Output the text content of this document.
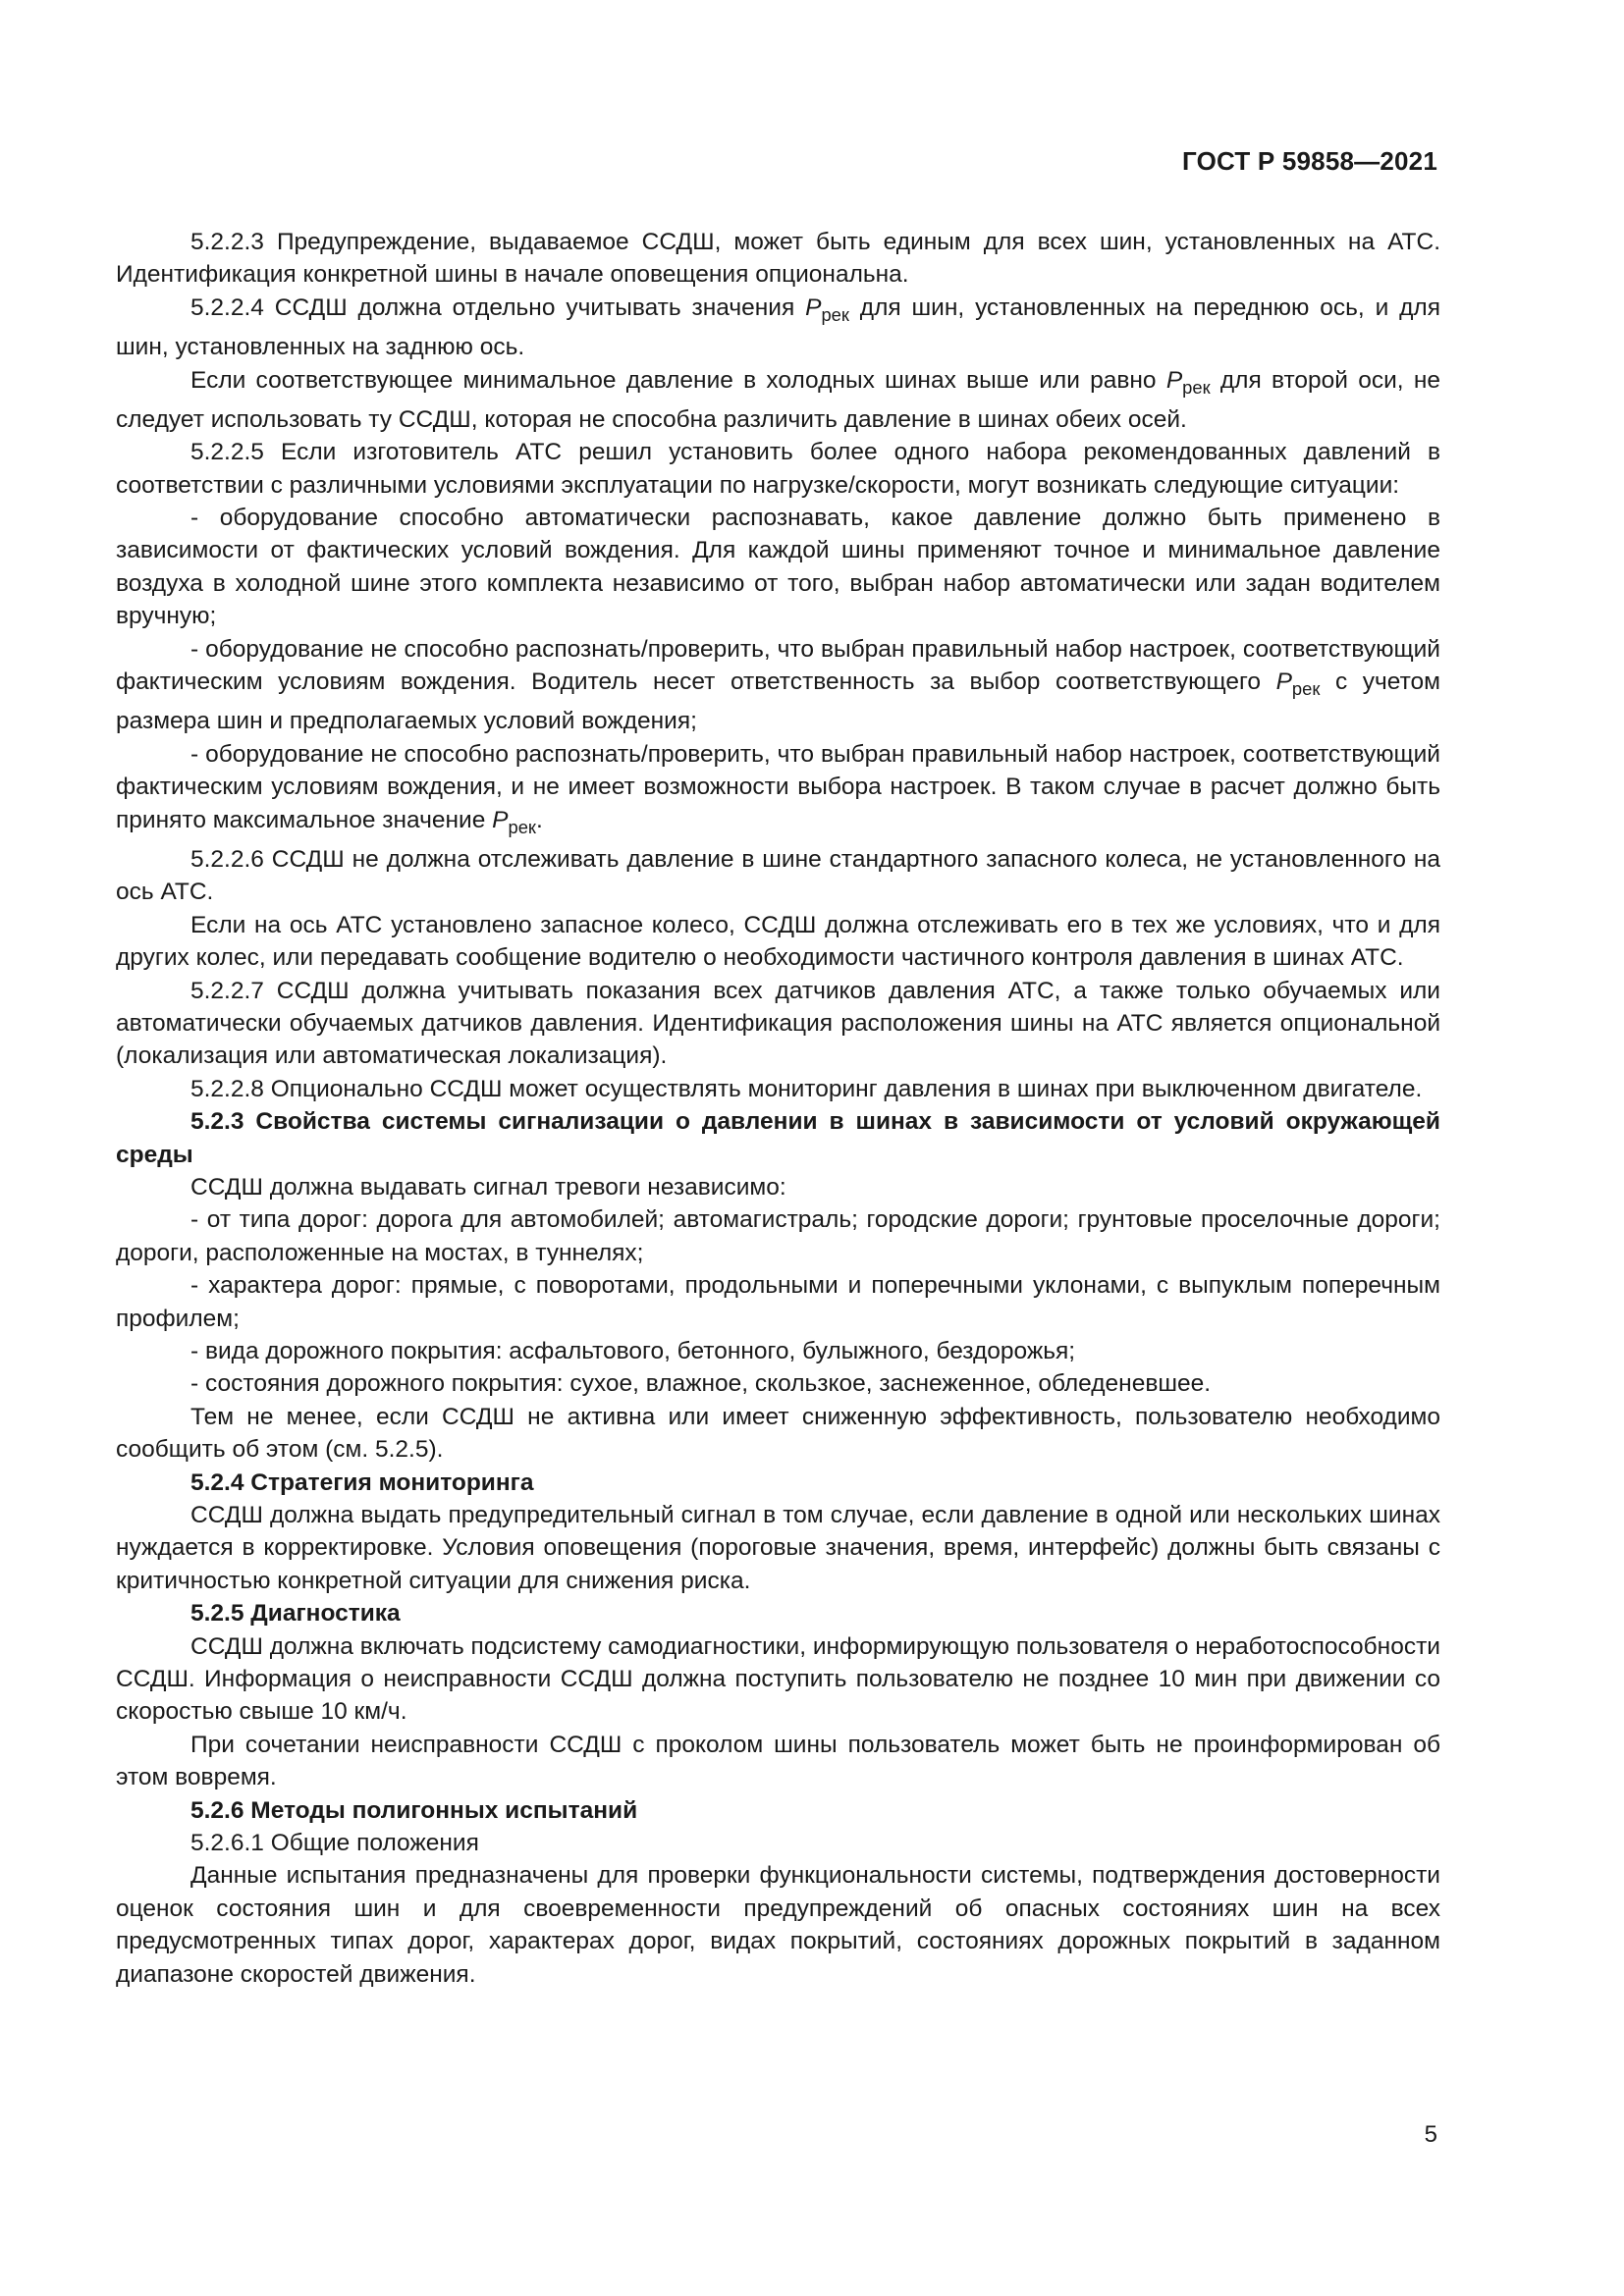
ГОСТ Р 59858—2021

5.2.2.3 Предупреждение, выдаваемое ССДШ, может быть единым для всех шин, установленных на АТС. Идентификация конкретной шины в начале оповещения опциональна.

5.2.2.4 ССДШ должна отдельно учитывать значения $P_{рек}$ для шин, установленных на переднюю ось, и для шин, установленных на заднюю ось.

Если соответствующее минимальное давление в холодных шинах выше или равно $P_{рек}$ для второй оси, не следует использовать ту ССДШ, которая не способна различить давление в шинах обеих осей.

5.2.2.5 Если изготовитель АТС решил установить более одного набора рекомендованных давлений в соответствии с различными условиями эксплуатации по нагрузке/скорости, могут возникать следующие ситуации:

- оборудование способно автоматически распознавать, какое давление должно быть применено в зависимости от фактических условий вождения. Для каждой шины применяют точное и минимальное давление воздуха в холодной шине этого комплекта независимо от того, выбран набор автоматически или задан водителем вручную;

- оборудование не способно распознать/проверить, что выбран правильный набор настроек, соответствующий фактическим условиям вождения. Водитель несет ответственность за выбор соответствующего $P_{рек}$ с учетом размера шин и предполагаемых условий вождения;

- оборудование не способно распознать/проверить, что выбран правильный набор настроек, соответствующий фактическим условиям вождения, и не имеет возможности выбора настроек. В таком случае в расчет должно быть принято максимальное значение $P_{рек}$.

5.2.2.6 ССДШ не должна отслеживать давление в шине стандартного запасного колеса, не установленного на ось АТС.

Если на ось АТС установлено запасное колесо, ССДШ должна отслеживать его в тех же условиях, что и для других колес, или передавать сообщение водителю о необходимости частичного контроля давления в шинах АТС.

5.2.2.7 ССДШ должна учитывать показания всех датчиков давления АТС, а также только обучаемых или автоматически обучаемых датчиков давления. Идентификация расположения шины на АТС является опциональной (локализация или автоматическая локализация).

5.2.2.8 Опционально ССДШ может осуществлять мониторинг давления в шинах при выключенном двигателе.

5.2.3 Свойства системы сигнализации о давлении в шинах в зависимости от условий окружающей среды

ССДШ должна выдавать сигнал тревоги независимо:

- от типа дорог: дорога для автомобилей; автомагистраль; городские дороги; грунтовые проселочные дороги; дороги, расположенные на мостах, в туннелях;

- характера дорог: прямые, с поворотами, продольными и поперечными уклонами, с выпуклым поперечным профилем;

- вида дорожного покрытия: асфальтового, бетонного, булыжного, бездорожья;

- состояния дорожного покрытия: сухое, влажное, скользкое, заснеженное, обледеневшее.

Тем не менее, если ССДШ не активна или имеет сниженную эффективность, пользователю необходимо сообщить об этом (см. 5.2.5).

5.2.4 Стратегия мониторинга

ССДШ должна выдать предупредительный сигнал в том случае, если давление в одной или нескольких шинах нуждается в корректировке. Условия оповещения (пороговые значения, время, интерфейс) должны быть связаны с критичностью конкретной ситуации для снижения риска.

5.2.5 Диагностика

ССДШ должна включать подсистему самодиагностики, информирующую пользователя о неработоспособности ССДШ. Информация о неисправности ССДШ должна поступить пользователю не позднее 10 мин при движении со скоростью свыше 10 км/ч.

При сочетании неисправности ССДШ с проколом шины пользователь может быть не проинформирован об этом вовремя.

5.2.6 Методы полигонных испытаний

5.2.6.1 Общие положения

Данные испытания предназначены для проверки функциональности системы, подтверждения достоверности оценок состояния шин и для своевременности предупреждений об опасных состояниях шин на всех предусмотренных типах дорог, характерах дорог, видах покрытий, состояниях дорожных покрытий в заданном диапазоне скоростей движения.

5
